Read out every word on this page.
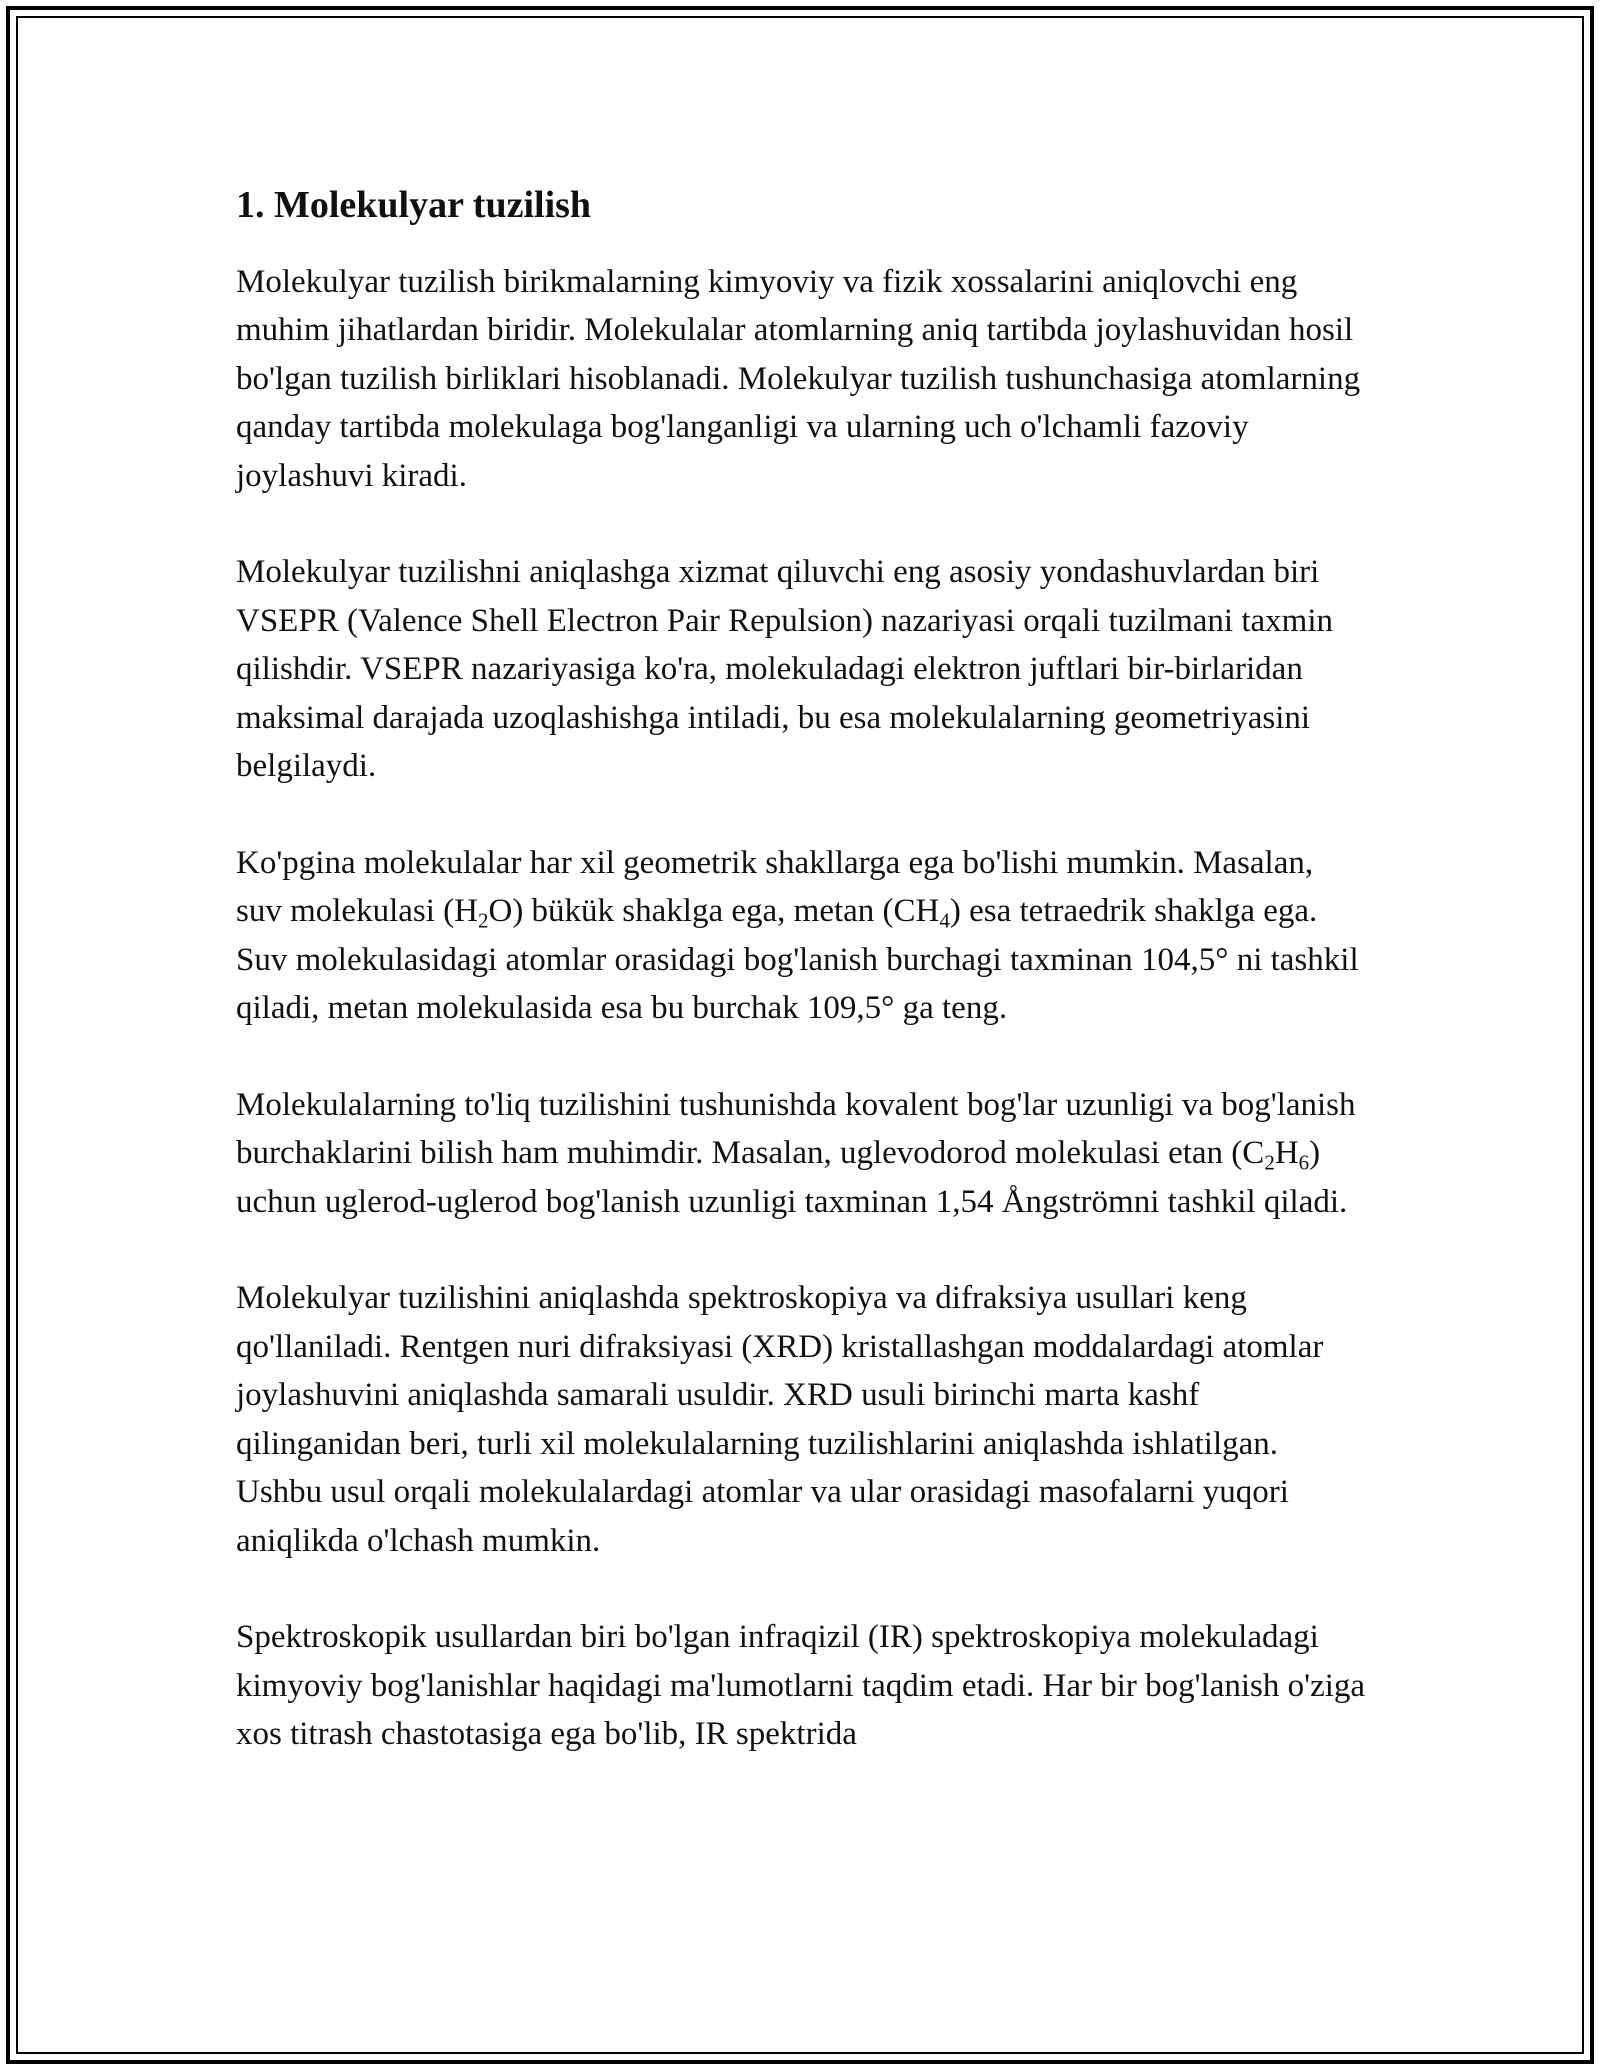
1. Molekulyar tuzilish

Molekulyar tuzilish birikmalarning kimyoviy va fizik xossalarini aniqlovchi eng muhim jihatlardan biridir. Molekulalar atomlarning aniq tartibda joylashuvidan hosil bo'lgan tuzilish birliklari hisoblanadi. Molekulyar tuzilish tushunchasiga atomlarning qanday tartibda molekulaga bog'langanligi va ularning uch o'lchamli fazoviy joylashuvi kiradi.

Molekulyar tuzilishni aniqlashga xizmat qiluvchi eng asosiy yondashuvlardan biri VSEPR (Valence Shell Electron Pair Repulsion) nazariyasi orqali tuzilmani taxmin qilishdir. VSEPR nazariyasiga ko'ra, molekuladagi elektron juftlari bir-birlaridan maksimal darajada uzoqlashishga intiladi, bu esa molekulalarning geometriyasini belgilaydi.

Ko'pgina molekulalar har xil geometrik shakllarga ega bo'lishi mumkin. Masalan, suv molekulasi $(H_2O)$ bükük shaklga ega, metan $(CH_4)$ esa tetraedrik shaklga ega. Suv molekulasidagi atomlar orasidagi bog'lanish burchagi taxminan 104,5° ni tashkil qiladi, metan molekulasida esa bu burchak 109,5° ga teng.

Molekulalarning to'liq tuzilishini tushunishda kovalent bog'lar uzunligi va bog'lanish burchaklarini bilish ham muhimdir. Masalan, uglevodorod molekulasi etan $(C_2H_6)$ uchun uglerod-uglerod bog'lanish uzunligi taxminan 1,54 Ångströmni tashkil qiladi.

Molekulyar tuzilishini aniqlashda spektroskopiya va difraksiya usullari keng qo'llaniladi. Rentgen nuri difraksiyasi (XRD) kristallashgan moddalardagi atomlar joylashuvini aniqlashda samarali usuldir. XRD usuli birinchi marta kashf qilinganidan beri, turli xil molekulalarning tuzilishlarini aniqlashda ishlatilgan. Ushbu usul orqali molekulalardagi atomlar va ular orasidagi masofalarni yuqori aniqlikda o'lchash mumkin.

Spektroskopik usullardan biri bo'lgan infraqizil (IR) spektroskopiya molekuladagi kimyoviy bog'lanishlar haqidagi ma'lumotlarni taqdim etadi. Har bir bog'lanish o'ziga xos titrash chastotasiga ega bo'lib, IR spektrida
